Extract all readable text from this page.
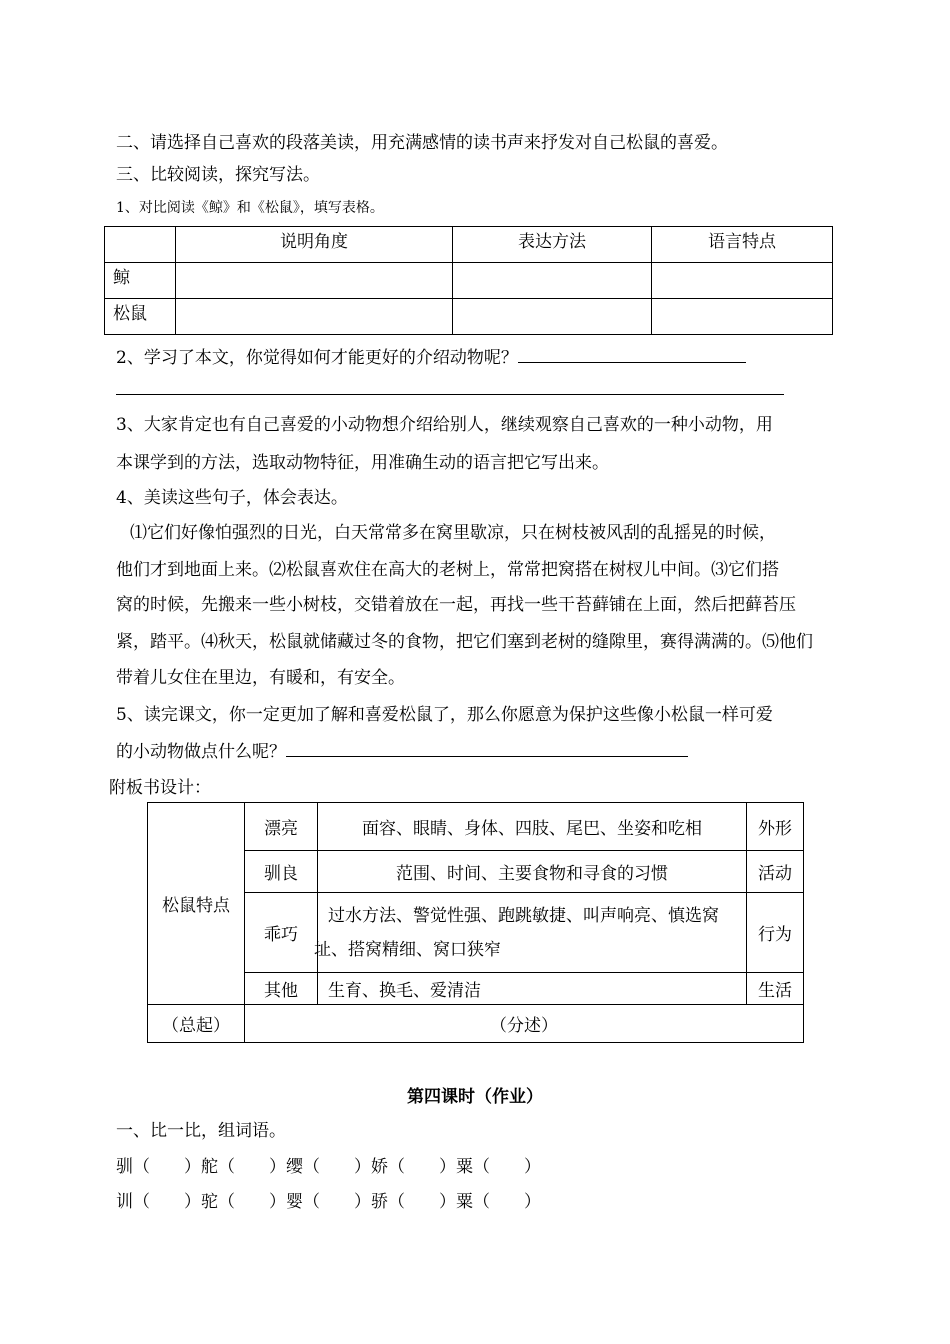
二、请选择自己喜欢的段落美读，用充满感情的读书声来抒发对自己松鼠的喜爱。
三、比较阅读，探究写法。
1、对比阅读《鲸》和《松鼠》，填写表格。
	说明角度	表达方法	语言特点
鲸			
松鼠			
2、学习了本文，你觉得如何才能更好的介绍动物呢？
3、大家肯定也有自己喜爱的小动物想介绍给别人，继续观察自己喜欢的一种小动物，用
本课学到的方法，选取动物特征，用准确生动的语言把它写出来。
4、美读这些句子，体会表达。
⑴它们好像怕强烈的日光，白天常常多在窝里歇凉，只在树枝被风刮的乱摇晃的时候，
他们才到地面上来。⑵松鼠喜欢住在高大的老树上，常常把窝搭在树杈儿中间。⑶它们搭
窝的时候，先搬来一些小树枝，交错着放在一起，再找一些干苔藓铺在上面，然后把藓苔压
紧，踏平。⑷秋天，松鼠就储藏过冬的食物，把它们塞到老树的缝隙里，赛得满满的。⑸他们
带着儿女住在里边，有暖和，有安全。
5、读完课文，你一定更加了解和喜爱松鼠了，那么你愿意为保护这些像小松鼠一样可爱
的小动物做点什么呢？
附板书设计：
松鼠特点	漂亮	面容、眼睛、身体、四肢、尾巴、坐姿和吃相	外形
	驯良	范围、时间、主要食物和寻食的习惯	活动
	乖巧	过水方法、警觉性强、跑跳敏捷、叫声响亮、慎选窝
址、搭窝精细、窝口狭窄	行为
	其他	生育、换毛、爱清洁	生活
（总起）	（分述）		
第四课时（作业）
一、比一比，组词语。
驯（　　）舵（　　）缨（　　）娇（　　）粟（　　）
训（　　）驼（　　）婴（　　）骄（　　）粟（　　）
